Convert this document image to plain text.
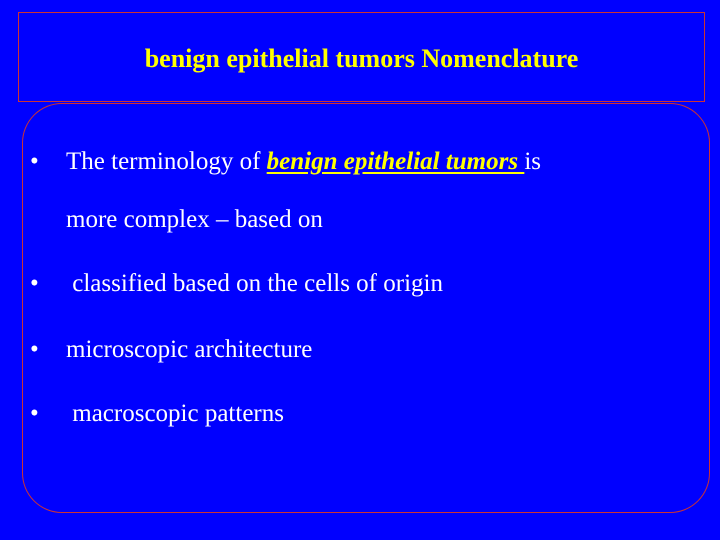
benign epithelial tumors Nomenclature
• The terminology of benign epithelial tumors is
more complex – based on
• classified based on the cells of origin
• microscopic architecture
• macroscopic patterns
